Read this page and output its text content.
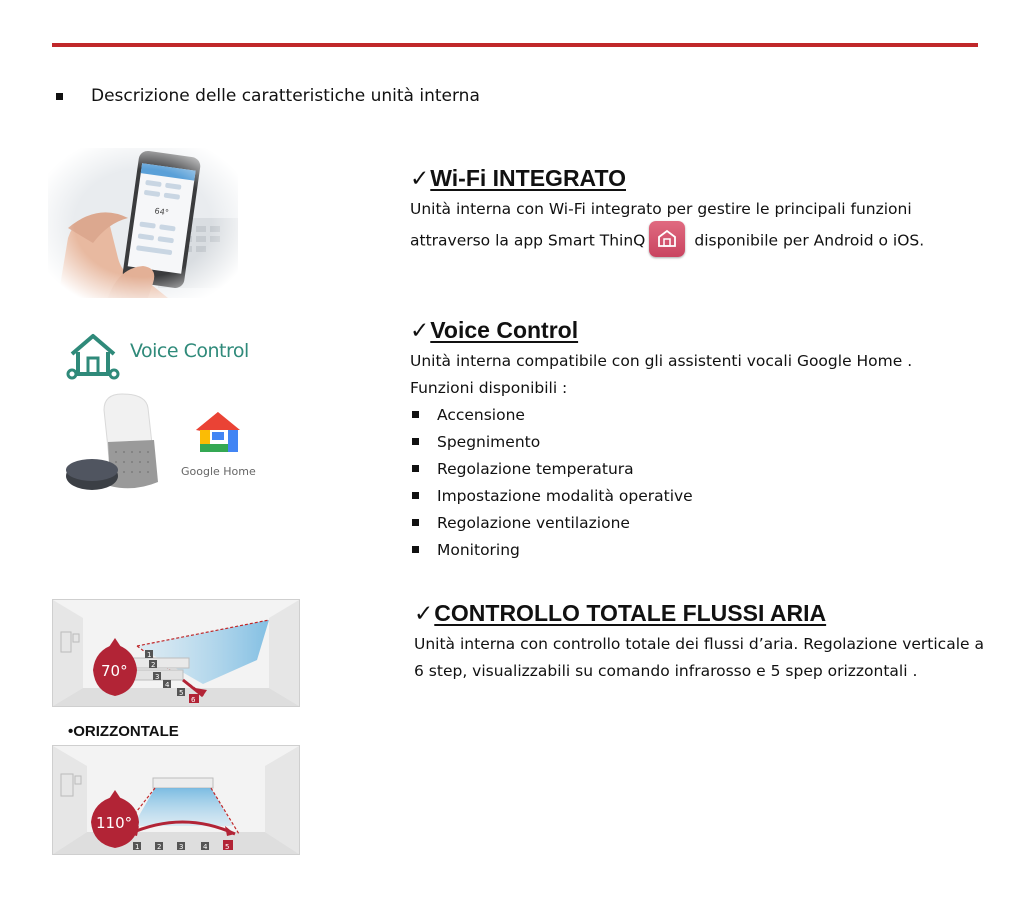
Descrizione delle caratteristiche unità interna
✓Wi-Fi INTEGRATO
Unità interna con Wi-Fi integrato per gestire le principali funzioni
attraverso la app Smart ThinQ	disponibile per Android o iOS.
Voice Control
Google Home
✓Voice Control
Unità interna compatibile con gli assistenti vocali Google Home .
Funzioni disponibili :
Accensione
Spegnimento
Regolazione temperatura
Impostazione modalità operative
Regolazione ventilazione
Monitoring
1
2
3
4
5
6
70°
•ORIZZONTALE
1	2	3	4	5
110°
✓CONTROLLO TOTALE FLUSSI ARIA
Unità interna con controllo totale dei flussi d’aria. Regolazione verticale a 6 step, visualizzabili su comando infrarosso e 5 spep orizzontali .
